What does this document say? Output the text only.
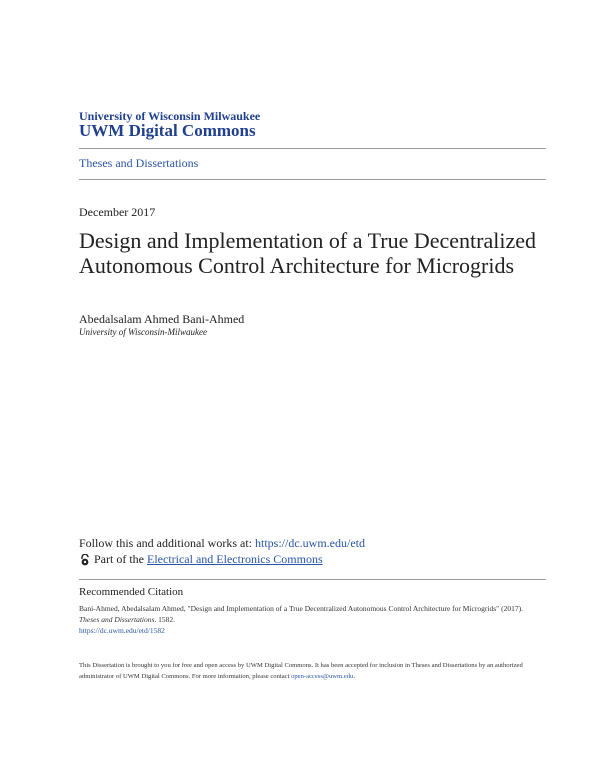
University of Wisconsin Milwaukee
UWM Digital Commons
Theses and Dissertations
December 2017
Design and Implementation of a True Decentralized Autonomous Control Architecture for Microgrids
Abedalsalam Ahmed Bani-Ahmed
University of Wisconsin-Milwaukee
Follow this and additional works at: https://dc.uwm.edu/etd
Part of the
Electrical and Electronics Commons
Recommended Citation
Bani-Ahmed, Abedalsalam Ahmed, "Design and Implementation of a True Decentralized Autonomous Control Architecture for Microgrids" (2017). Theses and Dissertations. 1582.
https://dc.uwm.edu/etd/1582
This Dissertation is brought to you for free and open access by UWM Digital Commons. It has been accepted for inclusion in Theses and Dissertations by an authorized administrator of UWM Digital Commons. For more information, please contact open-access@uwm.edu.
